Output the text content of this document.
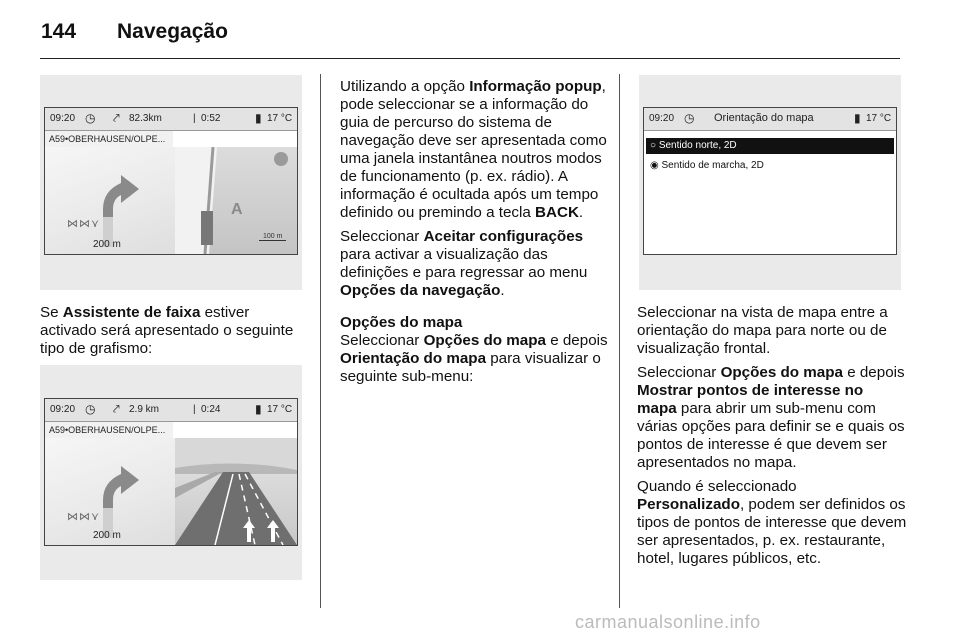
144 Navegação
09:20 ◷ ⤤ 82.3km	| 0:52	▮ 17 °C
A59•OBERHAUSEN/OLPE...
⋈⋈⋎
200 m
A
100 m

Se Assistente de faixa estiver activado será apresentado o seguinte tipo de grafismo:

09:20 ◷ ⤤ 2.9 km	| 0:24	▮ 17 °C
A59•OBERHAUSEN/OLPE...
⋈⋈⋎
200 m

Utilizando a opção Informação popup, pode seleccionar se a informação do guia de percurso do sistema de navegação deve ser apresentada como uma janela instantânea noutros modos de funcionamento (p. ex. rádio). A informação é ocultada após um tempo definido ou premindo a tecla BACK.

Seleccionar Aceitar configurações para activar a visualização das definições e para regressar ao menu Opções da navegação.

Opções do mapa

Seleccionar Opções do mapa e depois Orientação do mapa para visualizar o seguinte sub-menu:

09:20 ◷ Orientação do mapa	▮ 17 °C
○ Sentido norte, 2D
◉ Sentido de marcha, 2D

Seleccionar na vista de mapa entre a orientação do mapa para norte ou de visualização frontal.

Seleccionar Opções do mapa e depois Mostrar pontos de interesse no mapa para abrir um sub-menu com várias opções para definir se e quais os pontos de interesse é que devem ser apresentados no mapa.

Quando é seleccionado Personalizado, podem ser definidos os tipos de pontos de interesse que devem ser apresentados, p. ex. restaurante, hotel, lugares públicos, etc.

carmanualsonline.info
